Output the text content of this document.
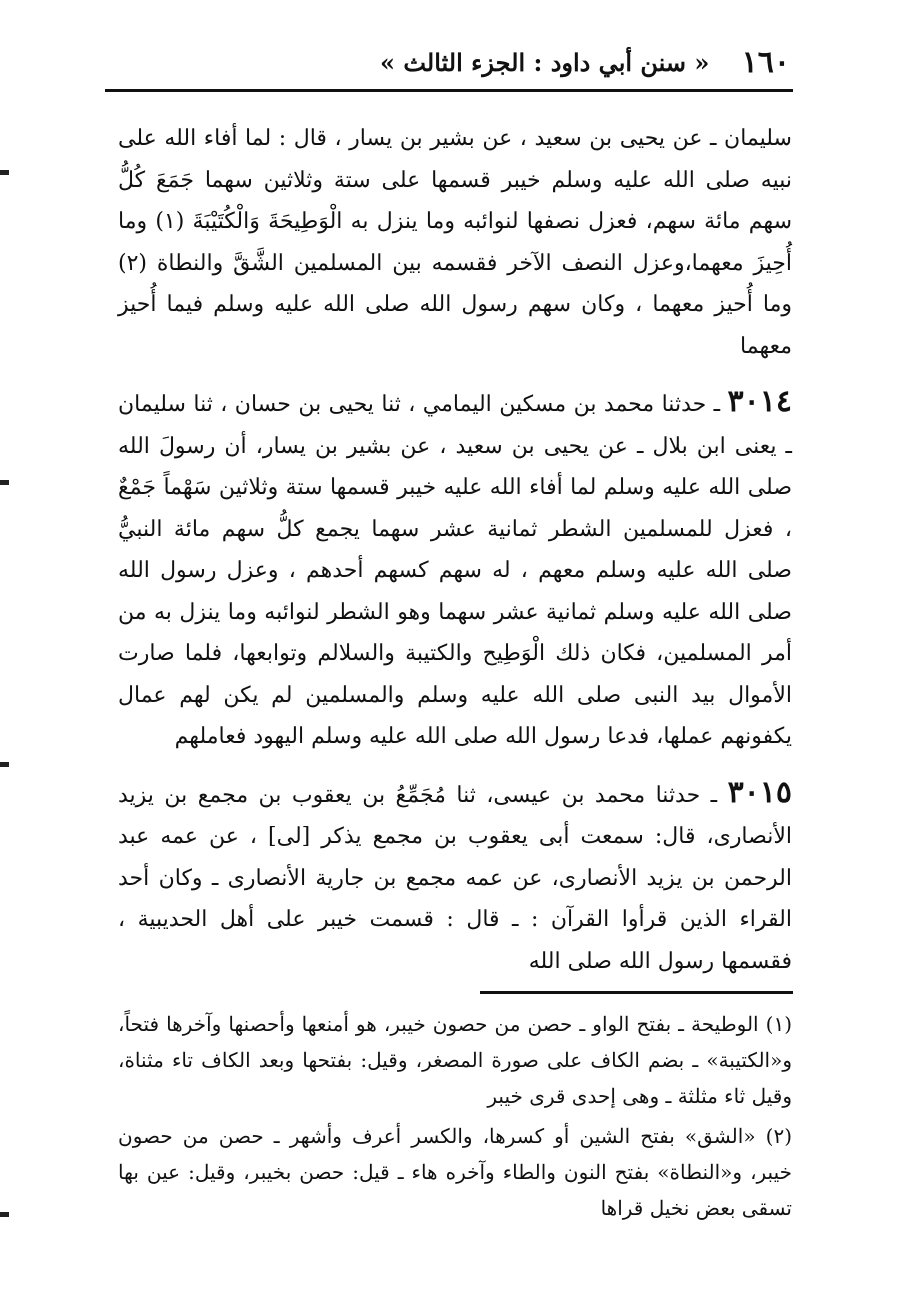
١٦٠
« سنن أبي داود : الجزء الثالث »

سليمان ـ عن يحيى بن سعيد ، عن بشير بن يسار ، قال : لما أفاء الله على نبيه صلى الله عليه وسلم خيبر قسمها على ستة وثلاثين سهما جَمَعَ كُلُّ سهم مائة سهم، فعزل نصفها لنوائبه وما ينزل به الْوَطِيحَةَ وَالْكُتَيْبَةَ (١) وما أُحِيزَ معهما،وعزل النصف الآخر فقسمه بين المسلمين الشَّقَّ والنطاة (٢) وما أُحيز معهما ، وكان سهم رسول الله صلى الله عليه وسلم فيما أُحيز معهما

٣٠١٤ ـ حدثنا محمد بن مسكين اليمامي ، ثنا يحيى بن حسان ، ثنا سليمان ـ يعنى ابن بلال ـ عن يحيى بن سعيد ، عن بشير بن يسار، أن رسولَ الله صلى الله عليه وسلم لما أفاء الله عليه خيبر قسمها ستة وثلاثين سَهْماً جَمْعٌ ، فعزل للمسلمين الشطر ثمانية عشر سهما يجمع كلُّ سهم مائة النبيُّ صلى الله عليه وسلم معهم ، له سهم كسهم أحدهم ، وعزل رسول الله صلى الله عليه وسلم ثمانية عشر سهما وهو الشطر لنوائبه وما ينزل به من أمر المسلمين، فكان ذلك الْوَطِيح والكتيبة والسلالم وتوابعها، فلما صارت الأموال بيد النبى صلى الله عليه وسلم والمسلمين لم يكن لهم عمال يكفونهم عملها، فدعا رسول الله صلى الله عليه وسلم اليهود فعاملهم

٣٠١٥ ـ حدثنا محمد بن عيسى، ثنا مُجَمِّعُ بن يعقوب بن مجمع بن يزيد الأنصارى، قال: سمعت أبى يعقوب بن مجمع يذكر [لى] ، عن عمه عبد الرحمن بن يزيد الأنصارى، عن عمه مجمع بن جارية الأنصارى ـ وكان أحد القراء الذين قرأوا القرآن : ـ قال : قسمت خيبر على أهل الحديبية ، فقسمها رسول الله صلى الله

(١) الوطيحة ـ بفتح الواو ـ حصن من حصون خيبر، هو أمنعها وأحصنها وآخرها فتحاً، و«الكتيبة» ـ بضم الكاف على صورة المصغر، وقيل: بفتحها وبعد الكاف تاء مثناة، وقيل ثاء مثلثة ـ وهى إحدى قرى خيبر

(٢) «الشق» بفتح الشين أو كسرها، والكسر أعرف وأشهر ـ حصن من حصون خيبر، و«النطاة» بفتح النون والطاء وآخره هاء ـ قيل: حصن بخيبر، وقيل: عين بها تسقى بعض نخيل قراها
